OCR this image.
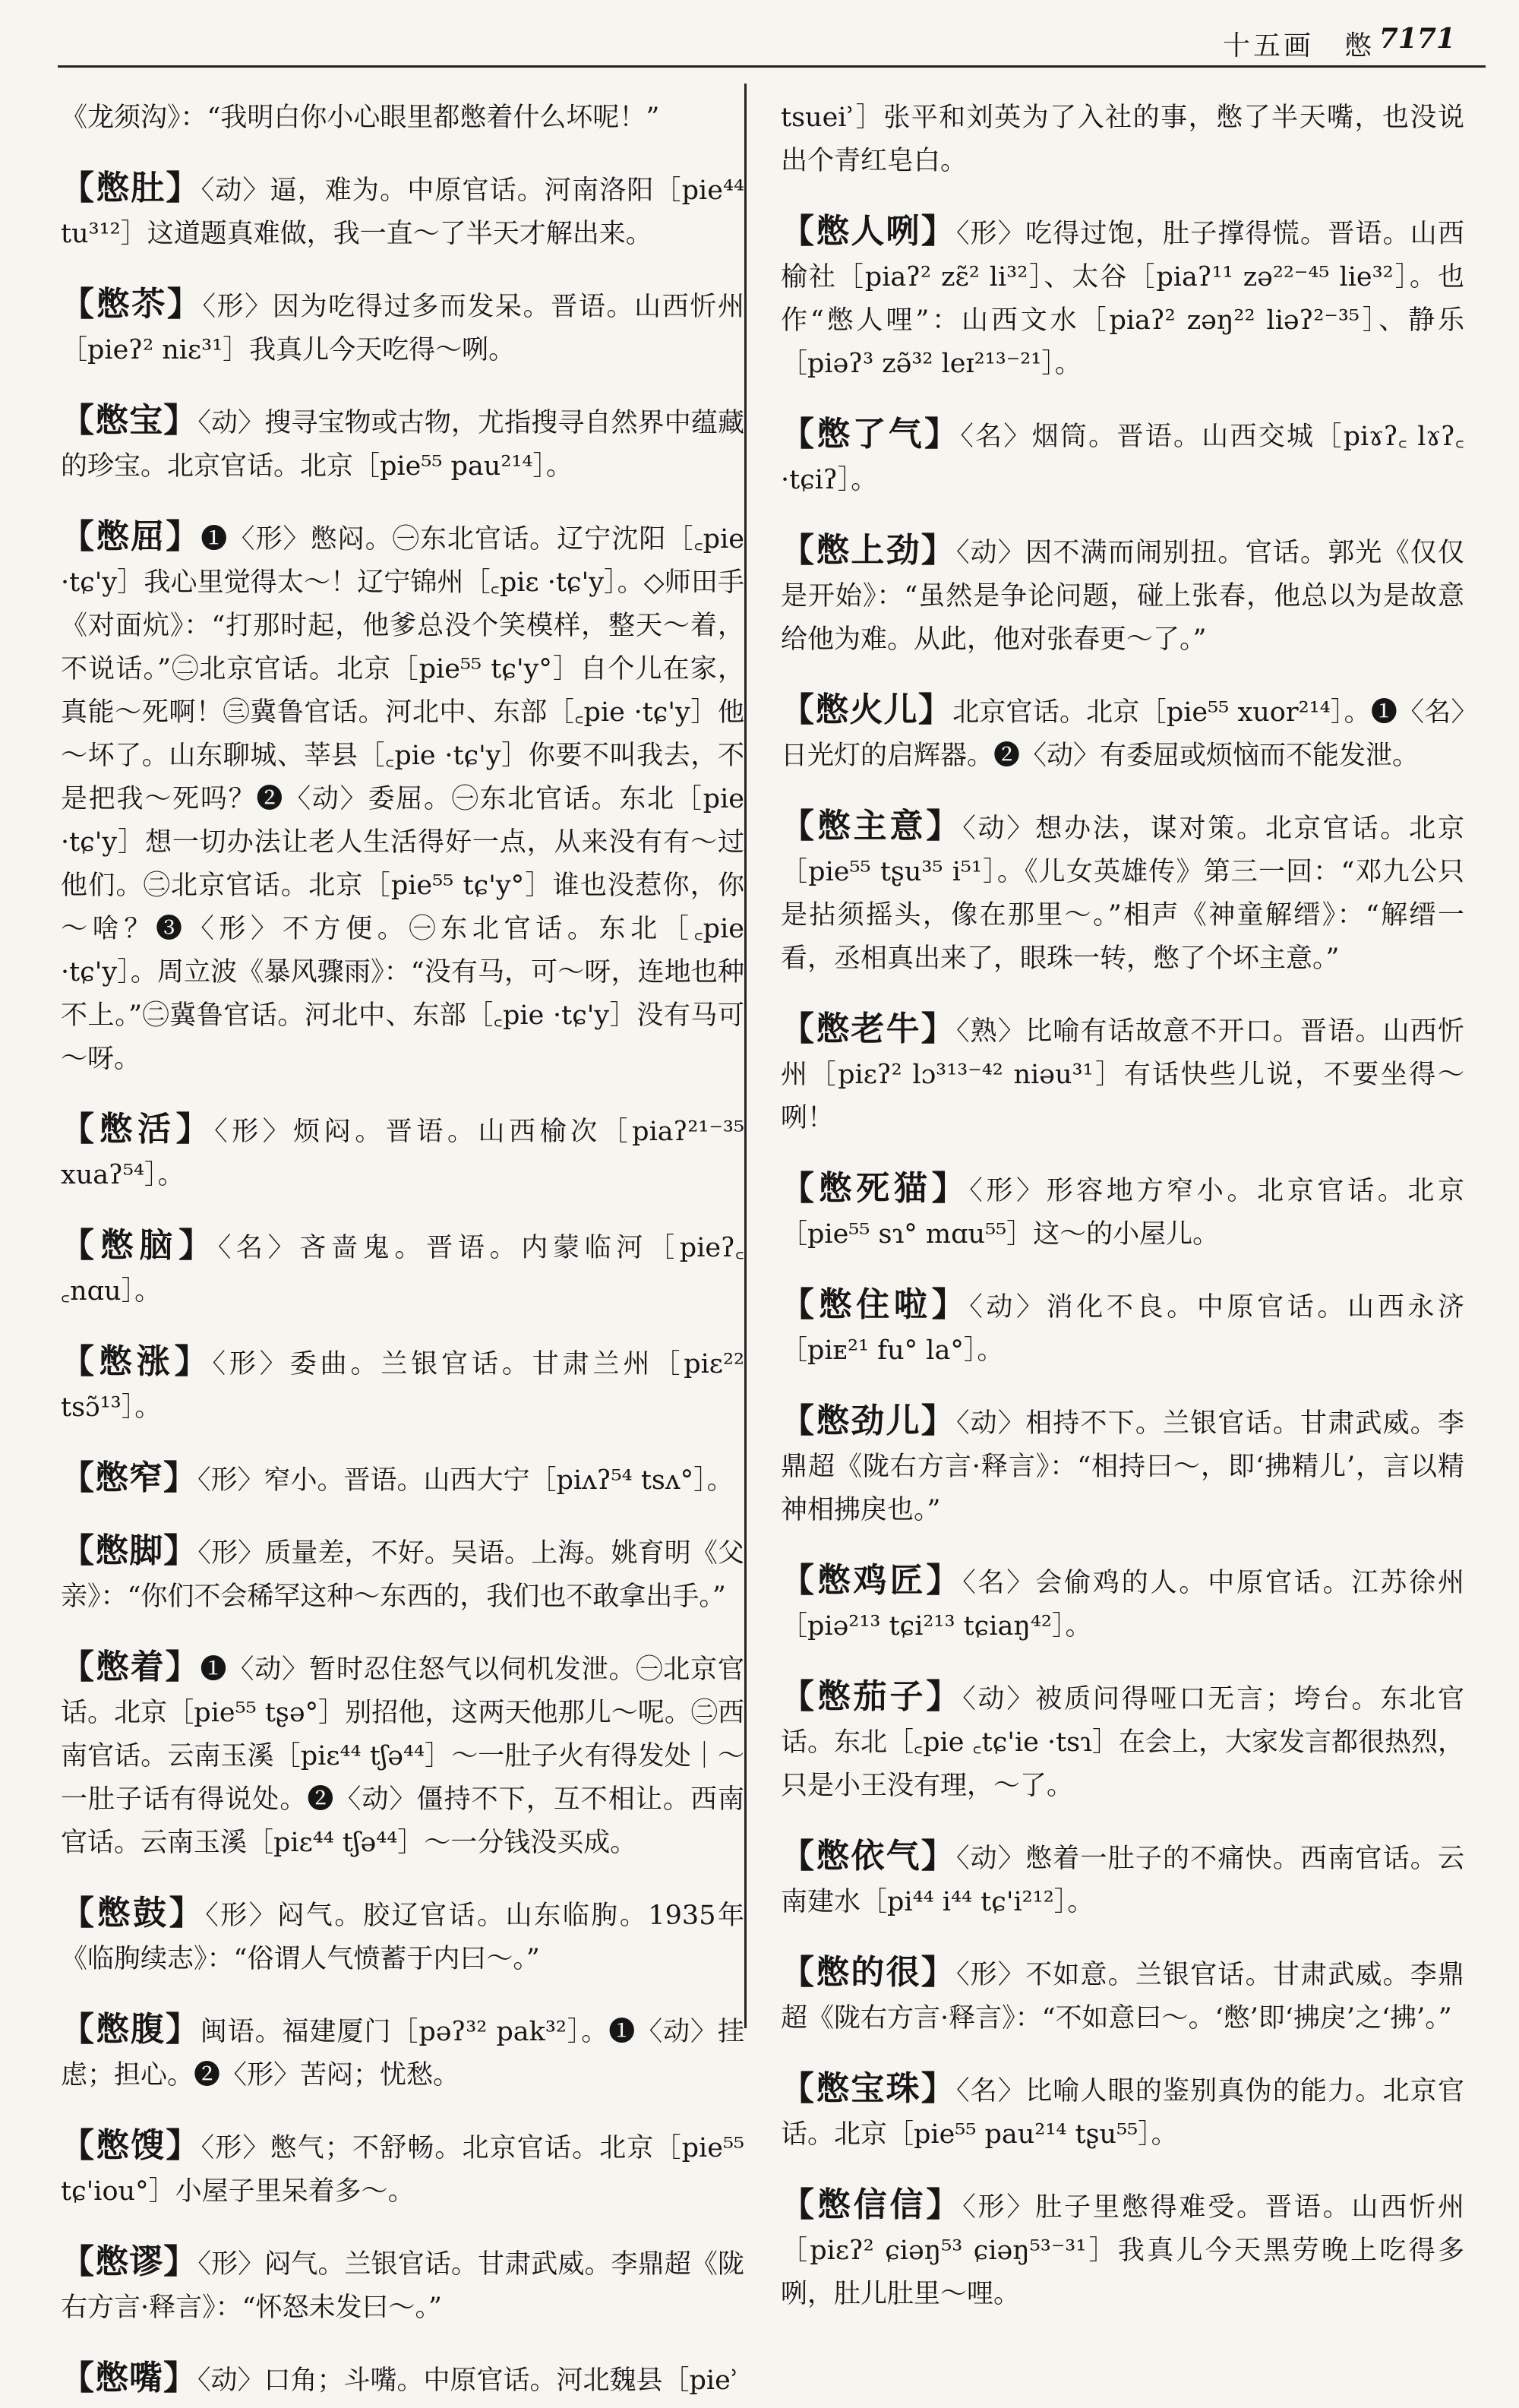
十五画　憋 7171

《龙须沟》：“我明白你小心眼里都憋着什么坏呢！”

【憋肚】〈动〉逼，难为。中原官话。河南洛阳［pie⁴⁴ tu³¹²］这道题真难做，我一直～了半天才解出来。

【憋苶】〈形〉因为吃得过多而发呆。晋语。山西忻州［pieʔ² niɛ³¹］我真儿今天吃得～咧。

【憋宝】〈动〉搜寻宝物或古物，尤指搜寻自然界中蕴藏的珍宝。北京官话。北京［pie⁵⁵ pau²¹⁴］。

【憋屈】❶〈形〉憋闷。㊀东北官话。辽宁沈阳［꜀pie ·tɕ'y］我心里觉得太～！辽宁锦州［꜀piɛ ·tɕ'y］。◇师田手《对面炕》：“打那时起，他爹总没个笑模样，整天～着，不说话。”㊁北京官话。北京［pie⁵⁵ tɕ'y°］自个儿在家，真能～死啊！㊂冀鲁官话。河北中、东部［꜀pie ·tɕ'y］他～坏了。山东聊城、莘县［꜀pie ·tɕ'y］你要不叫我去，不是把我～死吗？❷〈动〉委屈。㊀东北官话。东北［pie ·tɕ'y］想一切办法让老人生活得好一点，从来没有有～过他们。㊁北京官话。北京［pie⁵⁵ tɕ'y°］谁也没惹你，你～啥？❸〈形〉不方便。㊀东北官话。东北［꜀pie ·tɕ'y］。周立波《暴风骤雨》：“没有马，可～呀，连地也种不上。”㊁冀鲁官话。河北中、东部［꜀pie ·tɕ'y］没有马可～呀。

【憋活】〈形〉烦闷。晋语。山西榆次［piaʔ²¹⁻³⁵ xuaʔ⁵⁴］。

【憋脑】〈名〉吝啬鬼。晋语。内蒙临河［pieʔ꜀ ꜀nɑu］。

【憋涨】〈形〉委曲。兰银官话。甘肃兰州［piɛ²² tsɔ̃¹³］。

【憋窄】〈形〉窄小。晋语。山西大宁［piʌʔ⁵⁴ tsʌ°］。

【憋脚】〈形〉质量差，不好。吴语。上海。姚育明《父亲》：“你们不会稀罕这种～东西的，我们也不敢拿出手。”

【憋着】❶〈动〉暂时忍住怒气以伺机发泄。㊀北京官话。北京［pie⁵⁵ tʂə°］别招他，这两天他那儿～呢。㊁西南官话。云南玉溪［piɛ⁴⁴ tʃə⁴⁴］～一肚子火有得发处｜～一肚子话有得说处。❷〈动〉僵持不下，互不相让。西南官话。云南玉溪［piɛ⁴⁴ tʃə⁴⁴］～一分钱没买成。

【憋鼓】〈形〉闷气。胶辽官话。山东临朐。1935年《临朐续志》：“俗谓人气愤蓄于内曰～。”

【憋腹】闽语。福建厦门［pəʔ³² pak³²］。❶〈动〉挂虑；担心。❷〈形〉苦闷；忧愁。

【憋馊】〈形〉憋气；不舒畅。北京官话。北京［pie⁵⁵ tɕ'iou°］小屋子里呆着多～。

【憋谬】〈形〉闷气。兰银官话。甘肃武威。李鼎超《陇右方言·释言》：“怀怒未发曰～。”

【憋嘴】〈动〉口角；斗嘴。中原官话。河北魏县［pieʾ

tsueiʾ］张平和刘英为了入社的事，憋了半天嘴，也没说出个青红皂白。

【憋人咧】〈形〉吃得过饱，肚子撑得慌。晋语。山西榆社［piaʔ² zɛ̃² li³²］、太谷［piaʔ¹¹ zə²²⁻⁴⁵ lie³²］。也作“憋人哩”：山西文水［piaʔ² zəŋ²² liəʔ²⁻³⁵］、静乐［piəʔ³ zə̃³² leɪ²¹³⁻²¹］。

【憋了气】〈名〉烟筒。晋语。山西交城［piɤʔ꜀ lɤʔ꜀ ·tɕiʔ］。

【憋上劲】〈动〉因不满而闹别扭。官话。郭光《仅仅是开始》：“虽然是争论问题，碰上张春，他总以为是故意给他为难。从此，他对张春更～了。”

【憋火儿】北京官话。北京［pie⁵⁵ xuor²¹⁴］。❶〈名〉日光灯的启辉器。❷〈动〉有委屈或烦恼而不能发泄。

【憋主意】〈动〉想办法，谋对策。北京官话。北京［pie⁵⁵ tʂu³⁵ i⁵¹］。《儿女英雄传》第三一回：“邓九公只是拈须摇头，像在那里～。”相声《神童解缙》：“解缙一看，丞相真出来了，眼珠一转，憋了个坏主意。”

【憋老牛】〈熟〉比喻有话故意不开口。晋语。山西忻州［piɛʔ² lɔ³¹³⁻⁴² niəu³¹］有话快些儿说，不要坐得～咧！

【憋死猫】〈形〉形容地方窄小。北京官话。北京［pie⁵⁵ sɿ° mɑu⁵⁵］这～的小屋儿。

【憋住啦】〈动〉消化不良。中原官话。山西永济［piᴇ²¹ fu° la°］。

【憋劲儿】〈动〉相持不下。兰银官话。甘肃武威。李鼎超《陇右方言·释言》：“相持曰～，即‘拂精儿’，言以精神相拂戾也。”

【憋鸡匠】〈名〉会偷鸡的人。中原官话。江苏徐州［piə²¹³ tɕi²¹³ tɕiaŋ⁴²］。

【憋茄子】〈动〉被质问得哑口无言；垮台。东北官话。东北［꜀pie ꜀tɕ'ie ·tsɿ］在会上，大家发言都很热烈，只是小王没有理，～了。

【憋依气】〈动〉憋着一肚子的不痛快。西南官话。云南建水［pi⁴⁴ i⁴⁴ tɕ'i²¹²］。

【憋的很】〈形〉不如意。兰银官话。甘肃武威。李鼎超《陇右方言·释言》：“不如意曰～。‘憋’即‘拂戾’之‘拂’。”

【憋宝珠】〈名〉比喻人眼的鉴别真伪的能力。北京官话。北京［pie⁵⁵ pau²¹⁴ tʂu⁵⁵］。

【憋信信】〈形〉肚子里憋得难受。晋语。山西忻州［piɛʔ² ɕiəŋ⁵³ ɕiəŋ⁵³⁻³¹］我真儿今天黑劳晚上吃得多咧，肚儿肚里～哩。
